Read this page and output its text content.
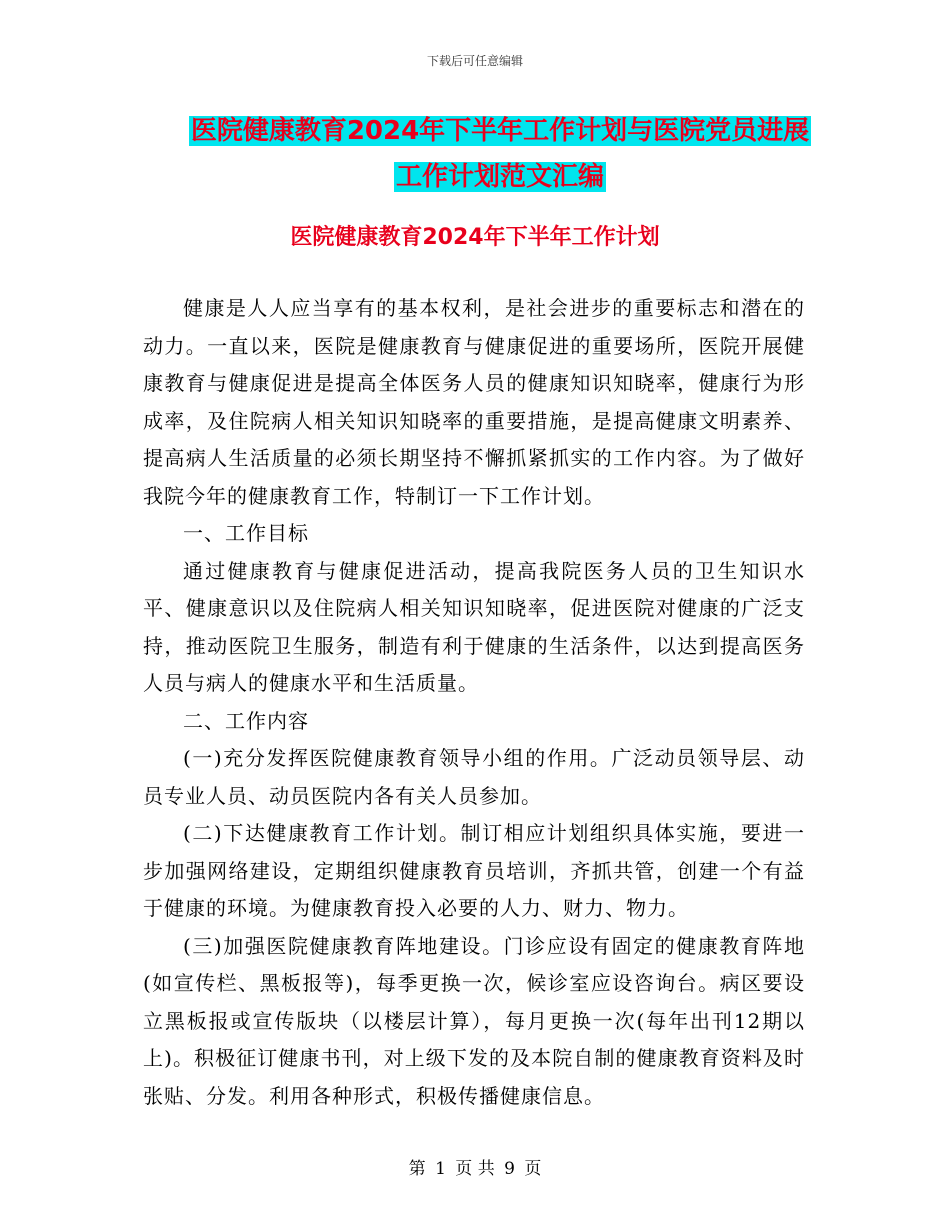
下载后可任意编辑
医院健康教育2024年下半年工作计划与医院党员进展
工作计划范文汇编
医院健康教育2024年下半年工作计划

健康是人人应当享有的基本权利，是社会进步的重要标志和潜在的动力。一直以来，医院是健康教育与健康促进的重要场所，医院开展健康教育与健康促进是提高全体医务人员的健康知识知晓率，健康行为形成率，及住院病人相关知识知晓率的重要措施，是提高健康文明素养、提高病人生活质量的必须长期坚持不懈抓紧抓实的工作内容。为了做好我院今年的健康教育工作，特制订一下工作计划。

一、工作目标

通过健康教育与健康促进活动，提高我院医务人员的卫生知识水平、健康意识以及住院病人相关知识知晓率，促进医院对健康的广泛支持，推动医院卫生服务，制造有利于健康的生活条件，以达到提高医务人员与病人的健康水平和生活质量。

二、工作内容

(一)充分发挥医院健康教育领导小组的作用。广泛动员领导层、动员专业人员、动员医院内各有关人员参加。

(二)下达健康教育工作计划。制订相应计划组织具体实施，要进一步加强网络建设，定期组织健康教育员培训，齐抓共管，创建一个有益于健康的环境。为健康教育投入必要的人力、财力、物力。

(三)加强医院健康教育阵地建设。门诊应设有固定的健康教育阵地(如宣传栏、黑板报等)，每季更换一次，候诊室应设咨询台。病区要设立黑板报或宣传版块（以楼层计算），每月更换一次(每年出刊12期以上)。积极征订健康书刊，对上级下发的及本院自制的健康教育资料及时张贴、分发。利用各种形式，积极传播健康信息。

第 1 页 共 9 页
